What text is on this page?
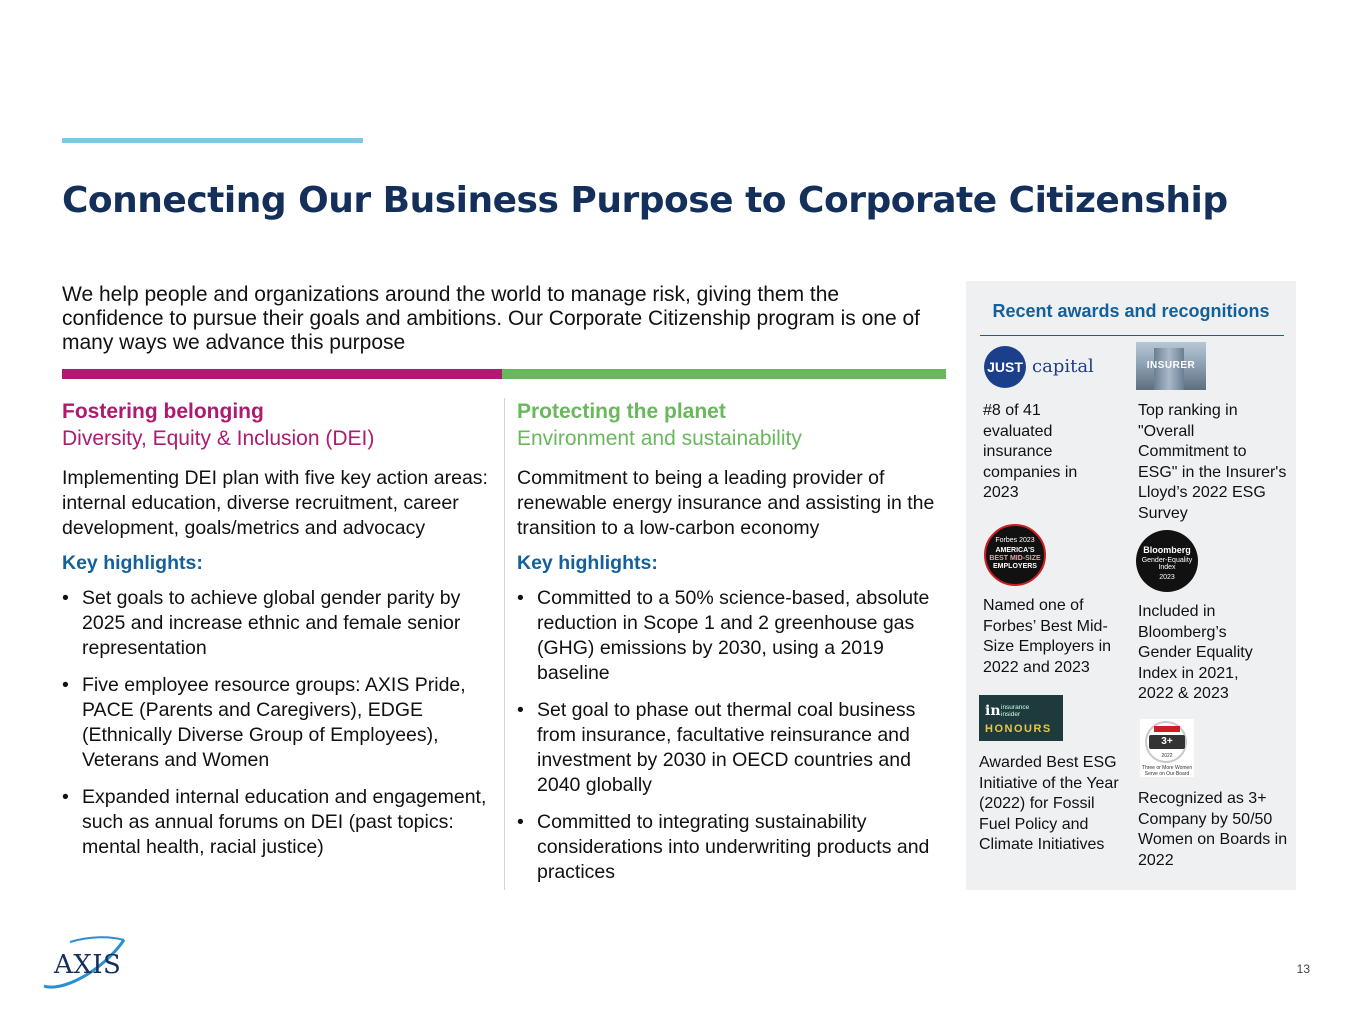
Connecting Our Business Purpose to Corporate Citizenship

We help people and organizations around the world to manage risk, giving them the confidence to pursue their goals and ambitions. Our Corporate Citizenship program is one of many ways we advance this purpose

Fostering belonging
Diversity, Equity & Inclusion (DEI)

Implementing DEI plan with five key action areas: internal education, diverse recruitment, career development, goals/metrics and advocacy

Key highlights:

• Set goals to achieve global gender parity by 2025 and increase ethnic and female senior representation
• Five employee resource groups: AXIS Pride, PACE (Parents and Caregivers), EDGE (Ethnically Diverse Group of Employees), Veterans and Women
• Expanded internal education and engagement, such as annual forums on DEI (past topics: mental health, racial justice)
Protecting the planet
Environment and sustainability

Commitment to being a leading provider of renewable energy insurance and assisting in the transition to a low-carbon economy

Key highlights:

• Committed to a 50% science-based, absolute reduction in Scope 1 and 2 greenhouse gas (GHG) emissions by 2030, using a 2019 baseline
• Set goal to phase out thermal coal business from insurance, facultative reinsurance and investment by 2030 in OECD countries and 2040 globally
• Committed to integrating sustainability considerations into underwriting products and practices
Recent awards and recognitions
JUST capital	INSURER
Forbes 2023
AMERICA'S
BEST MID-SIZE
EMPLOYERS
Bloomberg
Gender-Equality
Index
2023
in insurance
insider
HONOURS
3+
2022
Three or More Women
Serve on Our Board
#8 of 41 evaluated insurance companies in 2023
Top ranking in "Overall Commitment to ESG" in the Insurer's Lloyd’s 2022 ESG Survey
Named one of Forbes’ Best Mid-Size Employers in 2022 and 2023
Included in Bloomberg’s Gender Equality Index in 2021, 2022 & 2023
Awarded Best ESG Initiative of the Year (2022) for Fossil Fuel Policy and Climate Initiatives
Recognized as 3+ Company by 50/50 Women on Boards in 2022
AXIS	13
